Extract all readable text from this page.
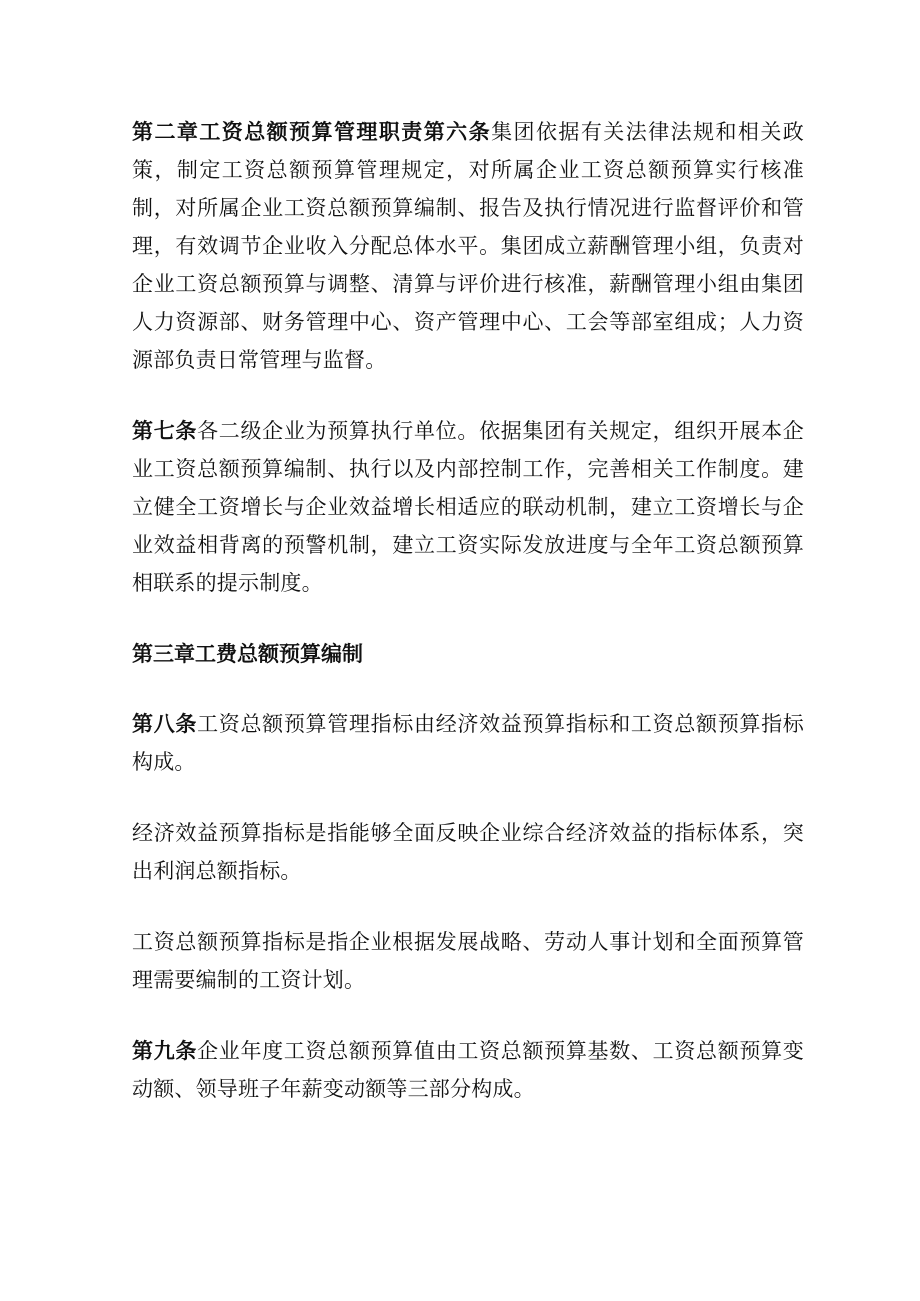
第二章工资总额预算管理职责第六条集团依据有关法律法规和相关政策，制定工资总额预算管理规定，对所属企业工资总额预算实行核准制，对所属企业工资总额预算编制、报告及执行情况进行监督评价和管理，有效调节企业收入分配总体水平。集团成立薪酬管理小组，负责对企业工资总额预算与调整、清算与评价进行核准，薪酬管理小组由集团人力资源部、财务管理中心、资产管理中心、工会等部室组成；人力资源部负责日常管理与监督。

第七条各二级企业为预算执行单位。依据集团有关规定，组织开展本企业工资总额预算编制、执行以及内部控制工作，完善相关工作制度。建立健全工资增长与企业效益增长相适应的联动机制，建立工资增长与企业效益相背离的预警机制，建立工资实际发放进度与全年工资总额预算相联系的提示制度。

第三章工费总额预算编制

第八条工资总额预算管理指标由经济效益预算指标和工资总额预算指标构成。

经济效益预算指标是指能够全面反映企业综合经济效益的指标体系，突出利润总额指标。

工资总额预算指标是指企业根据发展战略、劳动人事计划和全面预算管理需要编制的工资计划。

第九条企业年度工资总额预算值由工资总额预算基数、工资总额预算变动额、领导班子年薪变动额等三部分构成。
